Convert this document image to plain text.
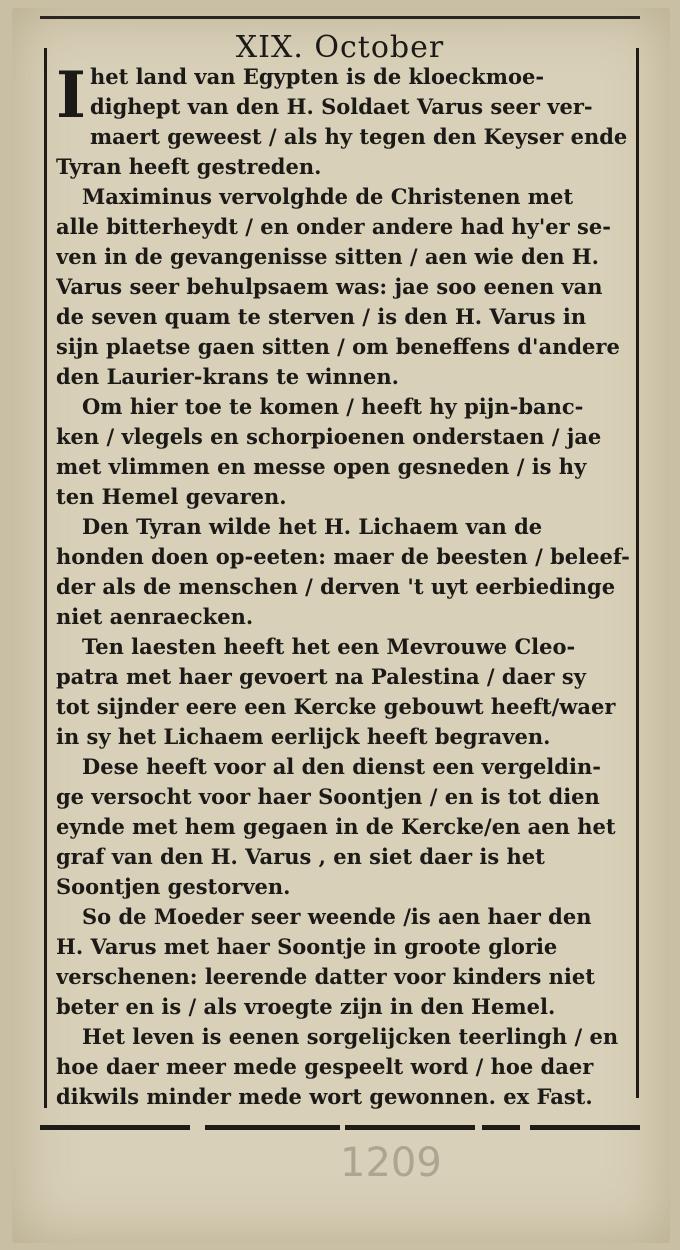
XIX. October
I het land van Egypten is de kloeckmoe-
dighept van den H. Soldaet Varus seer ver-
maert geweest / als hy tegen den Keyser ende
Tyran heeft gestreden.
Maximinus vervolghde de Christenen met
alle bitterheydt / en onder andere had hy'er se-
ven in de gevangenisse sitten / aen wie den H.
Varus seer behulpsaem was: jae soo eenen van
de seven quam te sterven / is den H. Varus in
sijn plaetse gaen sitten / om beneffens d'andere
den Laurier-krans te winnen.
Om hier toe te komen / heeft hy pijn-banc-
ken / vlegels en schorpioenen onderstaen / jae
met vlimmen en messe open gesneden / is hy
ten Hemel gevaren.
Den Tyran wilde het H. Lichaem van de
honden doen op-eeten: maer de beesten / beleef-
der als de menschen / derven 't uyt eerbiedinge
niet aenraecken.
Ten laesten heeft het een Mevrouwe Cleo-
patra met haer gevoert na Palestina / daer sy
tot sijnder eere een Kercke gebouwt heeft/waer
in sy het Lichaem eerlijck heeft begraven.
Dese heeft voor al den dienst een vergeldin-
ge versocht voor haer Soontjen / en is tot dien
eynde met hem gegaen in de Kercke/en aen het
graf van den H. Varus , en siet daer is het
Soontjen gestorven.
So de Moeder seer weende /is aen haer den
H. Varus met haer Soontje in groote glorie
verschenen: leerende datter voor kinders niet
beter en is / als vroegte zijn in den Hemel.
Het leven is eenen sorgelijcken teerlingh / en
hoe daer meer mede gespeelt word / hoe daer
dikwils minder mede wort gewonnen. ex Fast.
1209
